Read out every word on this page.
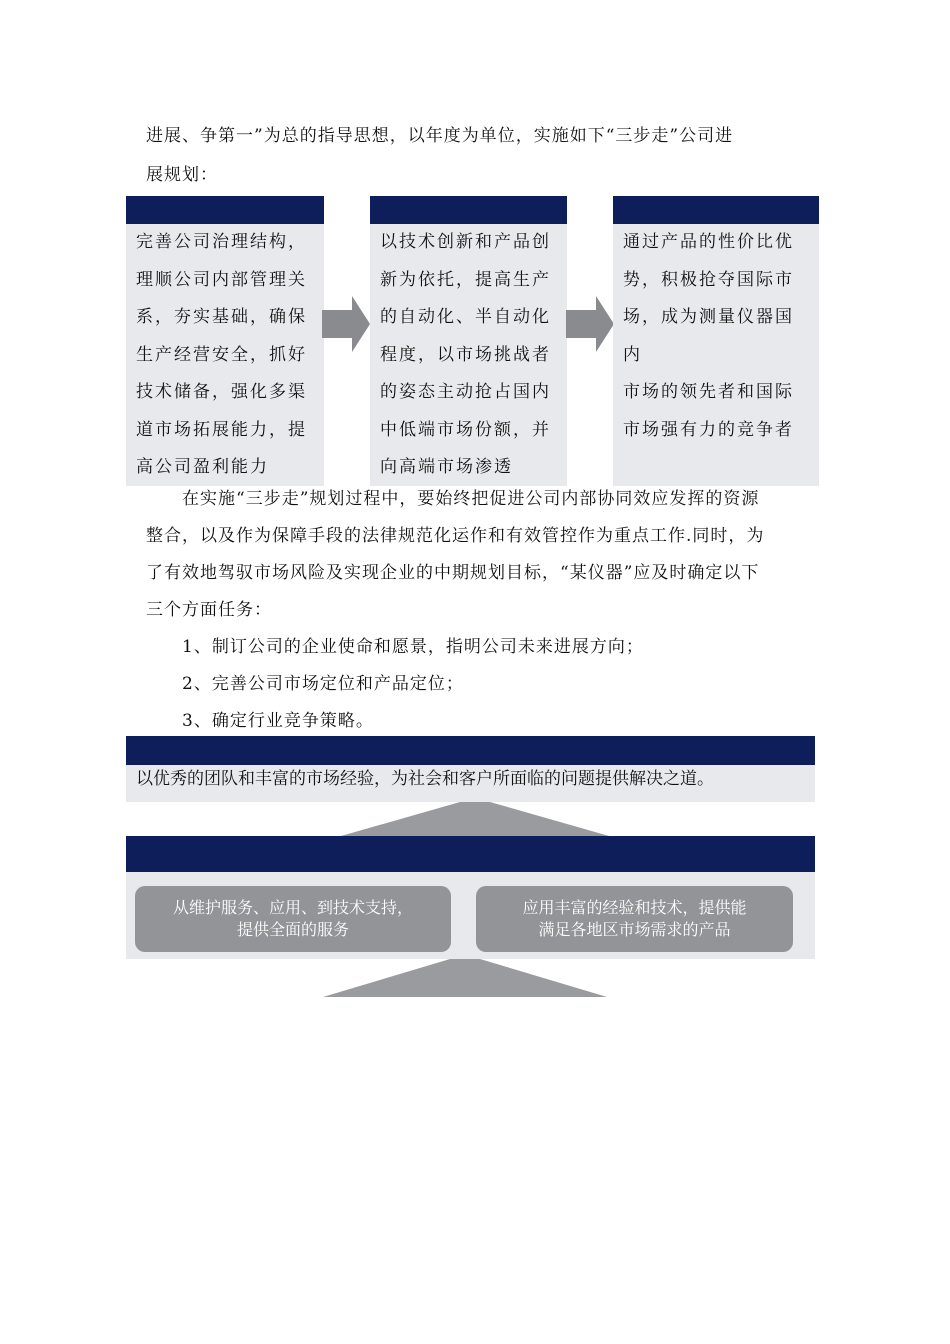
进展、争第一”为总的指导思想，以年度为单位，实施如下“三步走”公司进
展规划：
完善公司治理结构，
理顺公司内部管理关
系，夯实基础，确保
生产经营安全，抓好
技术储备，强化多渠
道市场拓展能力，提
高公司盈利能力
以技术创新和产品创
新为依托，提高生产
的自动化、半自动化
程度，以市场挑战者
的姿态主动抢占国内
中低端市场份额，并
向高端市场渗透
通过产品的性价比优
势，积极抢夺国际市
场，成为测量仪器国内
市场的领先者和国际
市场强有力的竞争者
在实施“三步走”规划过程中，要始终把促进公司内部协同效应发挥的资源
整合，以及作为保障手段的法律规范化运作和有效管控作为重点工作.同时，为
了有效地驾驭市场风险及实现企业的中期规划目标，“某仪器”应及时确定以下
三个方面任务：
1、制订公司的企业使命和愿景，指明公司未来进展方向；
2、完善公司市场定位和产品定位；
3、确定行业竞争策略。
以优秀的团队和丰富的市场经验，为社会和客户所面临的问题提供解决之道。
从维护服务、应用、到技术支持，
提供全面的服务
应用丰富的经验和技术，提供能
满足各地区市场需求的产品
